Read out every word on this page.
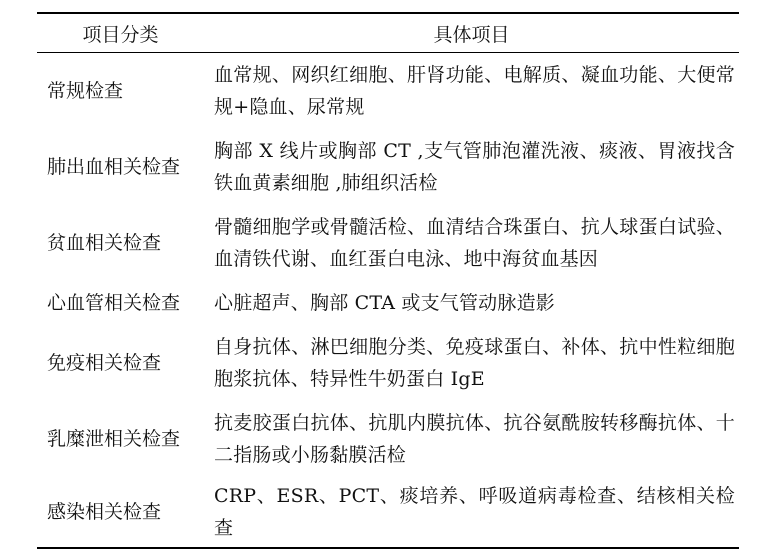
项目分类	具体项目
常规检查	血常规、网织红细胞、肝肾功能、电解质、凝血功能、大便常规+隐血、尿常规
肺出血相关检查	胸部 X 线片或胸部 CT ,支气管肺泡灌洗液、痰液、胃液找含铁血黄素细胞 ,肺组织活检
贫血相关检查	骨髓细胞学或骨髓活检、血清结合珠蛋白、抗人球蛋白试验、血清铁代谢、血红蛋白电泳、地中海贫血基因
心血管相关检查	心脏超声、胸部 CTA 或支气管动脉造影
免疫相关检查	自身抗体、淋巴细胞分类、免疫球蛋白、补体、抗中性粒细胞胞浆抗体、特异性牛奶蛋白 IgE
乳糜泄相关检查	抗麦胶蛋白抗体、抗肌内膜抗体、抗谷氨酰胺转移酶抗体、十二指肠或小肠黏膜活检
感染相关检查	CRP、ESR、PCT、痰培养、呼吸道病毒检查、结核相关检查
